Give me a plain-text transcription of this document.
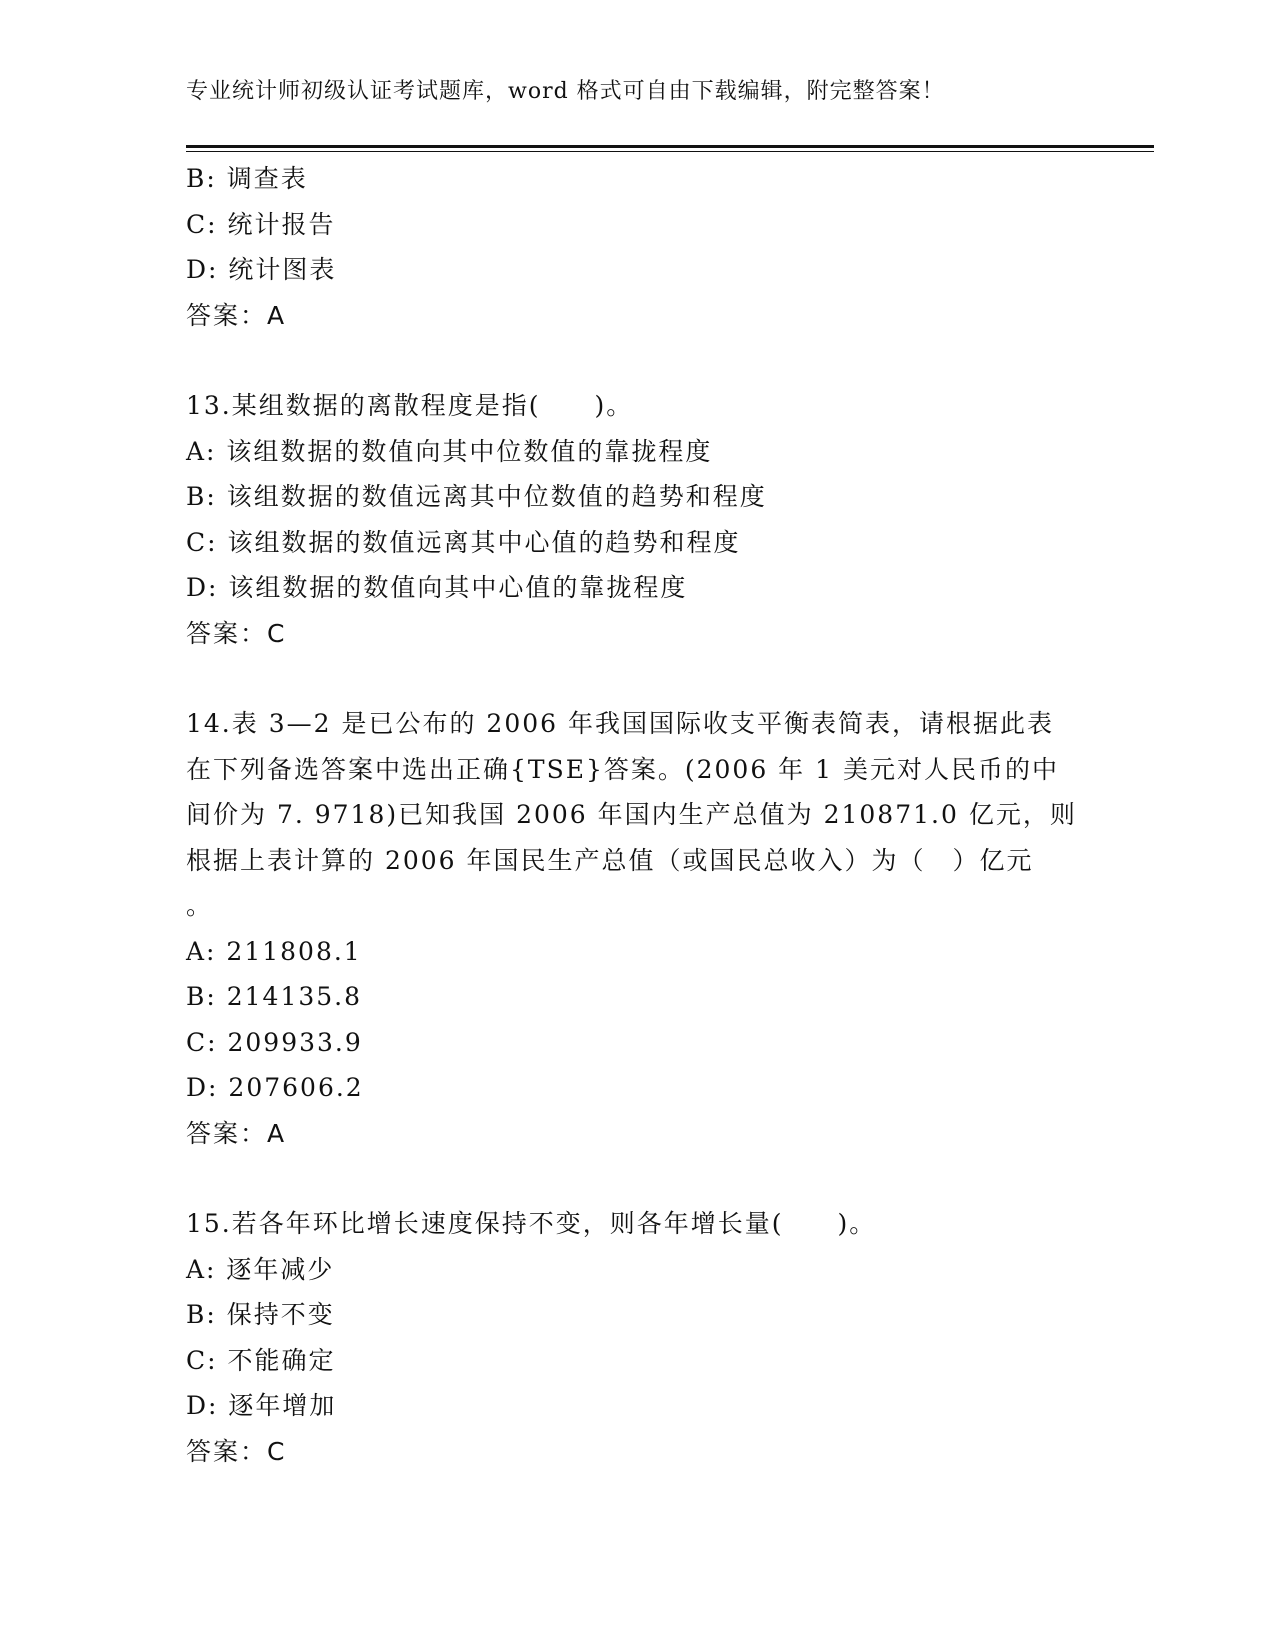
专业统计师初级认证考试题库，word 格式可自由下载编辑，附完整答案！
B: 调查表
C: 统计报告
D: 统计图表
答案：A
13.某组数据的离散程度是指(　　)。
A: 该组数据的数值向其中位数值的靠拢程度
B: 该组数据的数值远离其中位数值的趋势和程度
C: 该组数据的数值远离其中心值的趋势和程度
D: 该组数据的数值向其中心值的靠拢程度
答案：C
14.表 3—2 是已公布的 2006 年我国国际收支平衡表简表，请根据此表
在下列备选答案中选出正确{TSE}答案。(2006 年 1 美元对人民币的中
间价为 7. 9718)已知我国 2006 年国内生产总值为 210871.0 亿元，则
根据上表计算的 2006 年国民生产总值（或国民总收入）为（　）亿元
。
A: 211808.1
B: 214135.8
C: 209933.9
D: 207606.2
答案：A
15.若各年环比增长速度保持不变，则各年增长量(　　)。
A: 逐年减少
B: 保持不变
C: 不能确定
D: 逐年增加
答案：C
